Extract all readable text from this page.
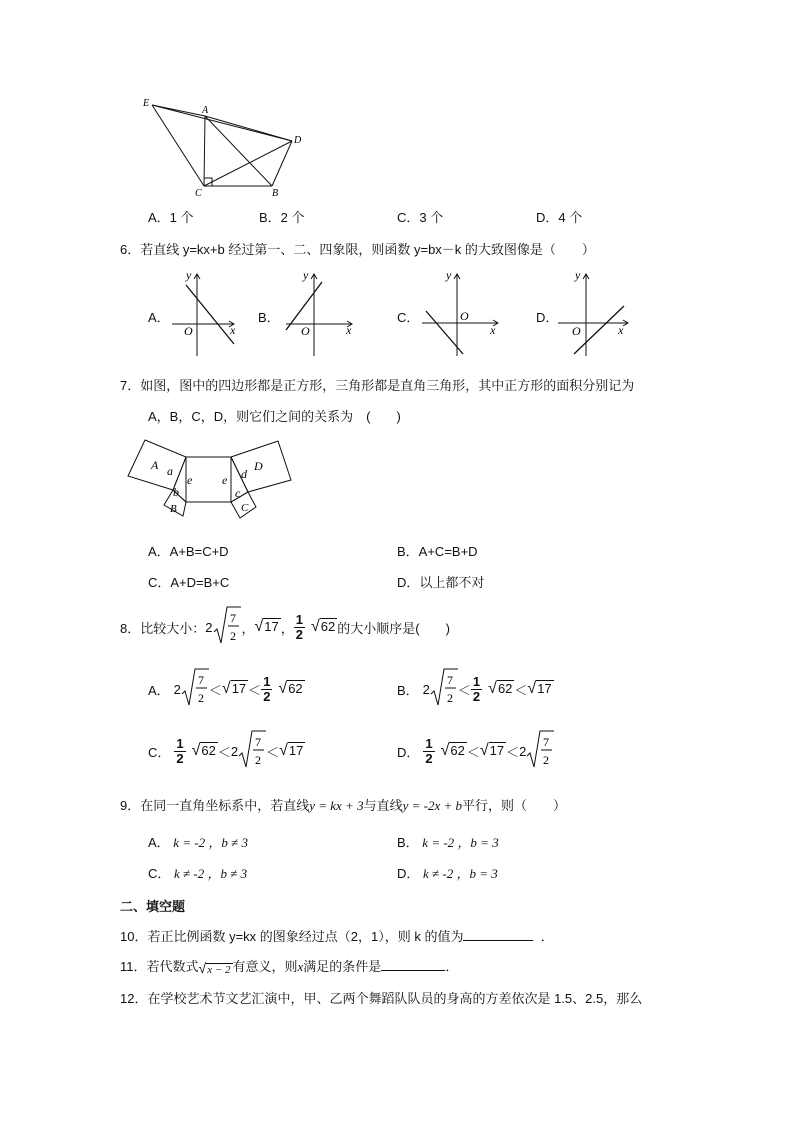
E
A
D
C	B
A．1 个	B．2 个	C．3 个	D．4 个
6．若直线 y=kx+b 经过第一、二、四象限，则函数 y=bx－k 的大致图像是（　　）
A．
y
x
O
B．
y
x
O
C．
y
x
O	D．
y
x
O
7．如图，图中的四边形都是正方形，三角形都是直角三角形，其中正方形的面积分别记为
A，B，C，D，则它们之间的关系为　(　　)
A a
b
B
e e d
D
c
C
A．A+B=C+D	B．A+C=B+D
C．A+D=B+C	D．以上都不对
8．比较大小： 2
7
2 ， √17 ， $\frac{1}{2} √62$ 的大小顺序是(　　)
A． 2
7
$2 < √17 < \frac{1}{2} √62$	B． 2
7
$2 < \frac{1}{2} √62 < √17$
C． $\frac{1}{2} √62 < 2$
7
2 ＜ √17	D． $\frac{1}{2} √62 < √17 < 2$
7
2
9．在同一直角坐标系中，若直线y = kx + 3与直线y = -2x + b平行，则（　　）
A． k = -2 ，b ≠ 3	B． k = -2 ，b = 3
C． k ≠ -2 ，b ≠ 3	D． k ≠ -2 ，b = 3
二、填空题
10．若正比例函数 y=kx 的图象经过点（2，1），则 k 的值为	．
11．若代数式√x − 2 有意义，则x满足的条件是	．
12．在学校艺术节文艺汇演中，甲、乙两个舞蹈队队员的身高的方差依次是 1.5、2.5，那么
